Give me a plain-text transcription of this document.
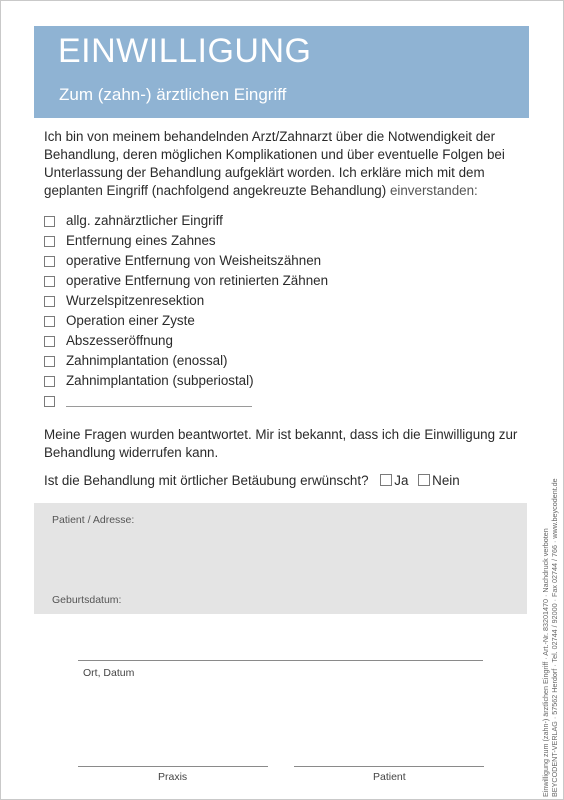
EINWILLIGUNG
Zum (zahn-) ärztlichen Eingriff
Ich bin von meinem behandelnden Arzt/Zahnarzt über die Notwendigkeit der Behandlung, deren möglichen Komplikationen und über eventuelle Folgen bei Unterlassung der Behandlung aufgeklärt worden. Ich erkläre mich mit dem geplanten Eingriff (nachfolgend angekreuzte Behandlung) einverstanden:
allg. zahnärztlicher Eingriff
Entfernung eines Zahnes
operative Entfernung von Weisheitszähnen
operative Entfernung von retinierten Zähnen
Wurzelspitzenresektion
Operation einer Zyste
Abszesseröffnung
Zahnimplantation (enossal)
Zahnimplantation (subperiostal)
Meine Fragen wurden beantwortet. Mir ist bekannt, dass ich die Einwilligung zur Behandlung widerrufen kann.
Ist die Behandlung mit örtlicher Betäubung erwünscht? Ja Nein
Patient / Adresse:
Geburtsdatum:
Ort, Datum
Praxis	Patient	Einwilligung zum (zahn-) ärztlichen Eingriff · Art.-Nr. 83201470 · Nachdruck verboten BEYCODENT-VERLAG · 57562 Herdorf · Tel. 02744 / 92000 · Fax 02744 / 766 · www.beycodent.de
